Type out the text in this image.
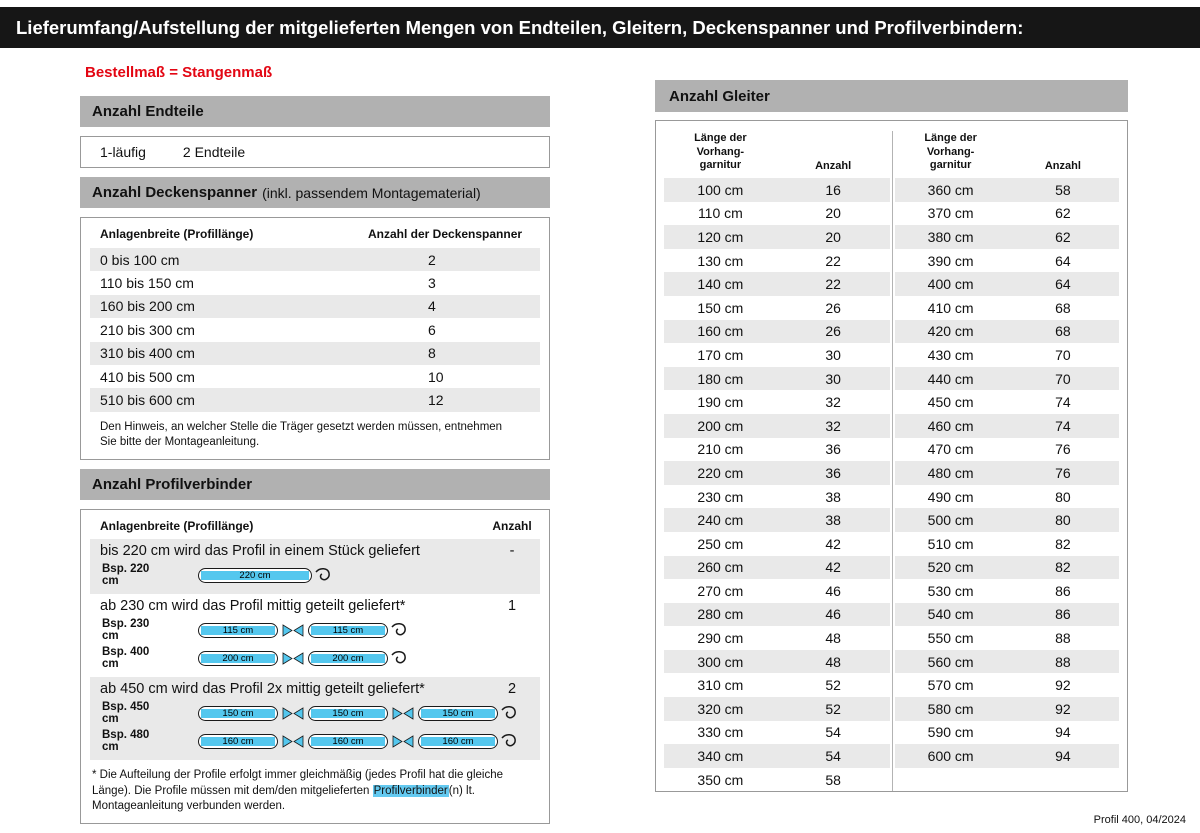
Lieferumfang/Aufstellung der mitgelieferten Mengen von Endteilen, Gleitern, Deckenspanner und Profilverbindern:
Bestellmaß = Stangenmaß
Anzahl Endteile
1-läufig	2 Endteile
Anzahl Deckenspanner (inkl. passendem Montagematerial)
Anlagenbreite (Profillänge)	Anzahl der Deckenspanner
0 bis 100 cm	2
110 bis 150 cm	3
160 bis 200 cm	4
210 bis 300 cm	6
310 bis 400 cm	8
410 bis 500 cm	10
510 bis 600 cm	12
Den Hinweis, an welcher Stelle die Träger gesetzt werden müssen, entnehmen Sie bitte der Montageanleitung.
Anzahl Profilverbinder
Anlagenbreite (Profillänge)	Anzahl
bis 220 cm wird das Profil in einem Stück geliefert	-
Bsp. 220 cm	220 cm
ab 230 cm wird das Profil mittig geteilt geliefert*	1
Bsp. 230 cm	115 cm	115 cm
Bsp. 400 cm	200 cm	200 cm
ab 450 cm wird das Profil 2x mittig geteilt geliefert*	2
Bsp. 450 cm	150 cm	150 cm	150 cm
Bsp. 480 cm	160 cm	160 cm	160 cm
* Die Aufteilung der Profile erfolgt immer gleichmäßig (jedes Profil hat die gleiche Länge). Die Profile müssen mit dem/den mitgelieferten Profilverbinder(n) lt. Montageanleitung verbunden werden.
Anzahl Gleiter
Länge der
Vorhang-
garnitur	Anzahl
100 cm	16
110 cm	20
120 cm	20
130 cm	22
140 cm	22
150 cm	26
160 cm	26
170 cm	30
180 cm	30
190 cm	32
200 cm	32
210 cm	36
220 cm	36
230 cm	38
240 cm	38
250 cm	42
260 cm	42
270 cm	46
280 cm	46
290 cm	48
300 cm	48
310 cm	52
320 cm	52
330 cm	54
340 cm	54
350 cm	58
Länge der
Vorhang-
garnitur	Anzahl
360 cm	58
370 cm	62
380 cm	62
390 cm	64
400 cm	64
410 cm	68
420 cm	68
430 cm	70
440 cm	70
450 cm	74
460 cm	74
470 cm	76
480 cm	76
490 cm	80
500 cm	80
510 cm	82
520 cm	82
530 cm	86
540 cm	86
550 cm	88
560 cm	88
570 cm	92
580 cm	92
590 cm	94
600 cm	94
Profil 400, 04/2024
